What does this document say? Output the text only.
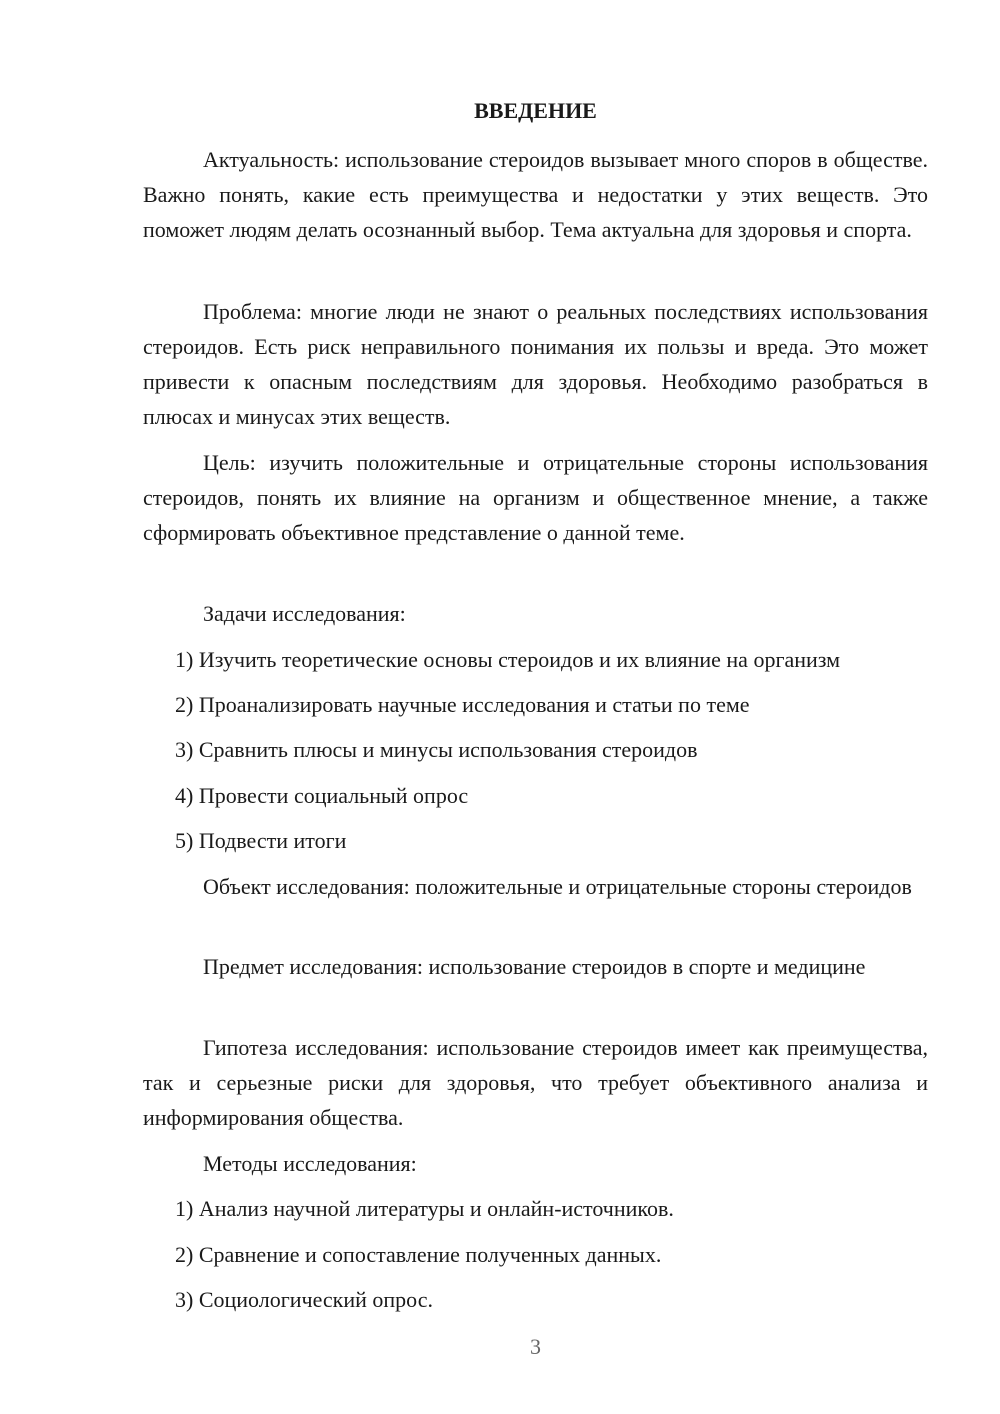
ВВЕДЕНИЕ

Актуальность: использование стероидов вызывает много споров в обществе. Важно понять, какие есть преимущества и недостатки у этих веществ. Это поможет людям делать осознанный выбор. Тема актуальна для здоровья и спорта.

Проблема: многие люди не знают о реальных последствиях использования стероидов. Есть риск неправильного понимания их пользы и вреда. Это может привести к опасным последствиям для здоровья. Необходимо разобраться в плюсах и минусах этих веществ.

Цель: изучить положительные и отрицательные стороны использования стероидов, понять их влияние на организм и общественное мнение, а также сформировать объективное представление о данной теме.

Задачи исследования:

1) Изучить теоретические основы стероидов и их влияние на организм

2) Проанализировать научные исследования и статьи по теме

3) Сравнить плюсы и минусы использования стероидов

4) Провести социальный опрос

5) Подвести итоги

Объект исследования: положительные и отрицательные стороны стероидов

Предмет исследования: использование стероидов в спорте и медицине

Гипотеза исследования: использование стероидов имеет как преимущества, так и серьезные риски для здоровья, что требует объективного анализа и информирования общества.

Методы исследования:

1) Анализ научной литературы и онлайн-источников.

2) Сравнение и сопоставление полученных данных.

3) Социологический опрос.

3
